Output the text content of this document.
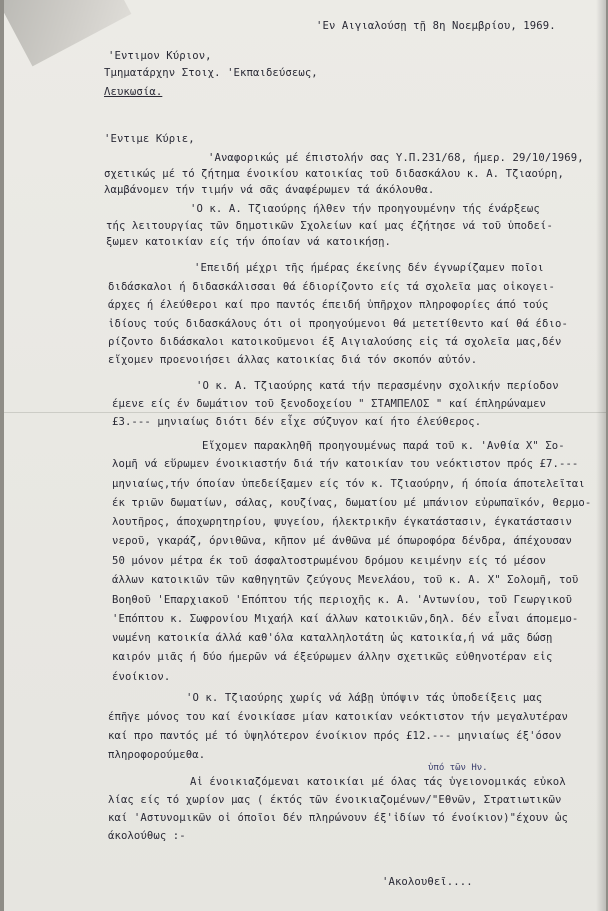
'Εν Αιγιαλούσῃ τῇ 8η Νοεμβρίου, 1969.
'Εντιμον Κύριον,
Τμηματάρχην Στοιχ. 'Εκπαιδεύσεως,
Λευκωσία.
'Εντιμε Κύριε,
'Αναφορικώς μέ έπιστολήν σας Υ.Π.231/68, ήμερ. 29/10/1969,
σχετικώς μέ τό ζήτημα ένοικίου κατοικίας τοῦ διδασκάλου κ. Α. Τζιαούρη,
λαμβάνομεν τήν τιμήν νά σᾶς άναφέρωμεν τά άκόλουθα.
'Ο κ. Α. Τζιαούρης ήλθεν τήν προηγουμένην τής ένάρξεως
τής λειτουργίας τῶν δημοτικῶν Σχολείων καί μας έζήτησε νά τοῦ ὑποδεί-
ξωμεν κατοικίαν είς τήν όποίαν νά κατοικήσῃ.
'Επειδή μέχρι τῆς ήμέρας έκείνης δέν έγνωρίζαμεν ποῖοι
διδάσκαλοι ή διδασκάλισσαι θά έδιορίζοντο είς τά σχολεῖα μας οἰκογει-
άρχες ή έλεύθεροι καί προ παντός έπειδή ὑπῆρχον πληροφορίες άπό τούς
ἰδίους τούς διδασκάλους ότι οἱ προηγούμενοι θά μετετίθεντο καί θά έδιο-
ρίζοντο διδάσκαλοι κατοικοῦμενοι έξ Αιγιαλούσης εἰς τά σχολεῖα μας,δέν
εἴχομεν προενοιήσει άλλας κατοικίας διά τόν σκοπόν αὐτόν.
'Ο κ. Α. Τζιαούρης κατά τήν περασμένην σχολικήν περίοδον
έμενε είς έν δωμάτιον τοῦ ξενοδοχείου " ΣΤΑΜΠΕΛΟΣ " καί έπληρώναμεν
£3.--- μηνιαίως διότι δέν εἶχε σύζυγον καί ήτο έλεύθερος.
Εἴχομεν παρακληθῆ προηγουμένως παρά τοῦ κ. 'Ανθία Χ" Σο-
λομῆ νά εὕρωμεν ένοικιαστήν διά τήν κατοικίαν του νεόκτιστον πρός £7.---
μηνιαίως,τήν όποίαν ὑπεδείξαμεν είς τόν κ. Τζιαούρην, ή όποία άποτελεῖται
έκ τριῶν δωματίων, σάλας, κουζίνας, δωματίου μέ μπάνιον εὐρωπαϊκόν, θερμο-
λουτῆρος, άποχωρητηρίου, ψυγείου, ήλεκτρικῆν έγκατάστασιν, έγκατάστασιν
νεροῦ, γκαράζ, όρνιθῶνα, κῆπον μέ άνθῶνα μέ όπωροφόρα δένδρα, άπέχουσαν
50 μόνον μέτρα έκ τοῦ άσφαλτοστρωμένου δρόμου κειμένην είς τό μέσον
άλλων κατοικιῶν τῶν καθηγητῶν ζεύγους Μενελάου, τοῦ κ. Α. Χ" Σολομῆ, τοῦ
Βοηθοῦ 'Επαρχιακοῦ 'Επόπτου τής περιοχῆς κ. Α. 'Αντωνίου, τοῦ Γεωργικοῦ
'Επόπτου κ. Σωφρονίου Μιχαήλ καί άλλων κατοικιῶν,δηλ. δέν εἶναι άπομεμο-
νωμένη κατοικία άλλά καθ'όλα καταλληλοτάτη ὡς κατοικία,ή νά μᾶς δώσῃ
καιρόν μιᾶς ή δύο ήμερῶν νά έξεύρωμεν άλλην σχετικῶς εὐθηνοτέραν εἰς
ένοίκιον.
'Ο κ. Τζιαούρης χωρίς νά λάβῃ ὑπόψιν τάς ὑποδείξεις μας
έπῆγε μόνος του καί ένοικίασε μίαν κατοικίαν νεόκτιστον τήν μεγαλυτέραν
καί προ παντός μέ τό ὑψηλότερον ένοίκιον πρός £12.--- μηνιαίως έξ'όσον
πληροφορούμεθα.
ὑπό τῶν Ην.
Αἱ ένοικιαζόμεναι κατοικίαι μέ όλας τάς ὑγειονομικάς εὐκολ
λίας είς τό χωρίον μας ( έκτός τῶν ένοικιαζομένων/"Εθνῶν, Στρατιωτικῶν
καί 'Αστυνομικῶν οἱ όποῖοι δέν πληρώνουν έξ'ἰδίων τό ένοίκιον)"έχουν ὡς
άκολούθως :-
'Ακολουθεῖ....
